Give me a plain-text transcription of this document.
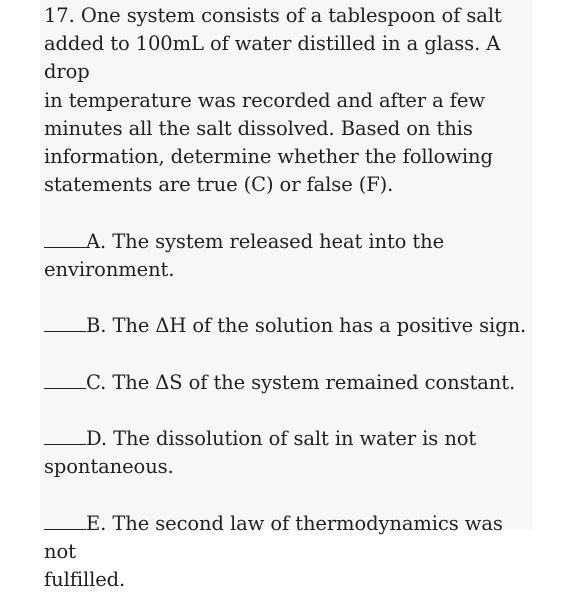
17. One system consists of a tablespoon of salt
added to 100mL of water distilled in a glass. A drop
in temperature was recorded and after a few
minutes all the salt dissolved. Based on this
information, determine whether the following
statements are true (C) or false (F).
A. The system released heat into the
environment.
B. The ΔH of the solution has a positive sign.
C. The ΔS of the system remained constant.
D. The dissolution of salt in water is not
spontaneous.
E. The second law of thermodynamics was not
fulfilled.
